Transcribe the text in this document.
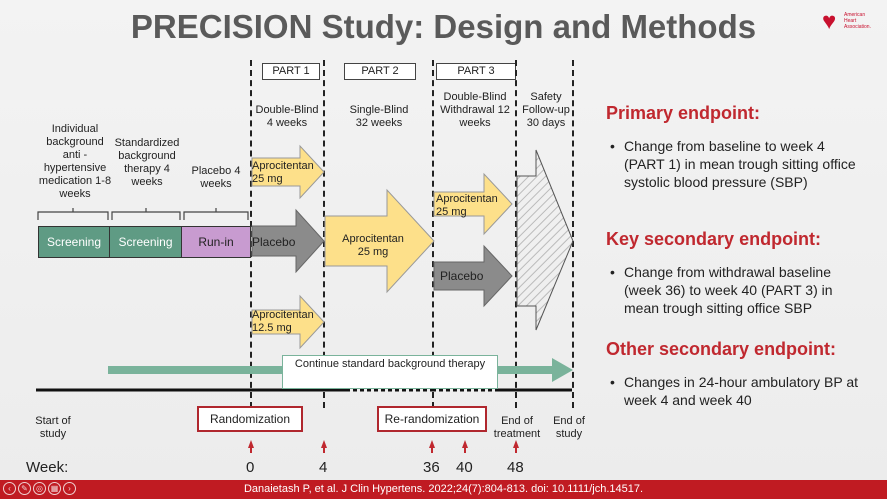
PRECISION Study: Design and Methods	♥ American
Heart
Association.
PART 1	PART 2	PART 3
Individual background anti -hypertensive medication 1-8 weeks
Standardized background therapy 4 weeks
Placebo 4 weeks
Double-Blind 4 weeks
Single-Blind 32 weeks
Double-Blind Withdrawal 12 weeks
Safety Follow-up 30 days
Screening	Screening	Run-in
Aprocitentan 25 mg
Placebo
Aprocitentan 12.5 mg
Aprocitentan 25 mg
Aprocitentan 25 mg
Placebo
Continue standard background therapy
Start of study
Randomization	Re-randomization	End of treatment
End of study
Week:	0	4	36 40 48
Primary endpoint:
• Change from baseline to week 4 (PART 1) in mean trough sitting office systolic blood pressure (SBP)
Key secondary endpoint:
• Change from withdrawal baseline (week 36) to week 40 (PART 3) in mean trough sitting office SBP
Other secondary endpoint:
• Changes in 24-hour ambulatory BP at week 4 and week 40
‹	✎	◎ ▦	›	Danaietash P, et al. J Clin Hypertens. 2022;24(7):804-813. doi: 10.1111/jch.14517.
